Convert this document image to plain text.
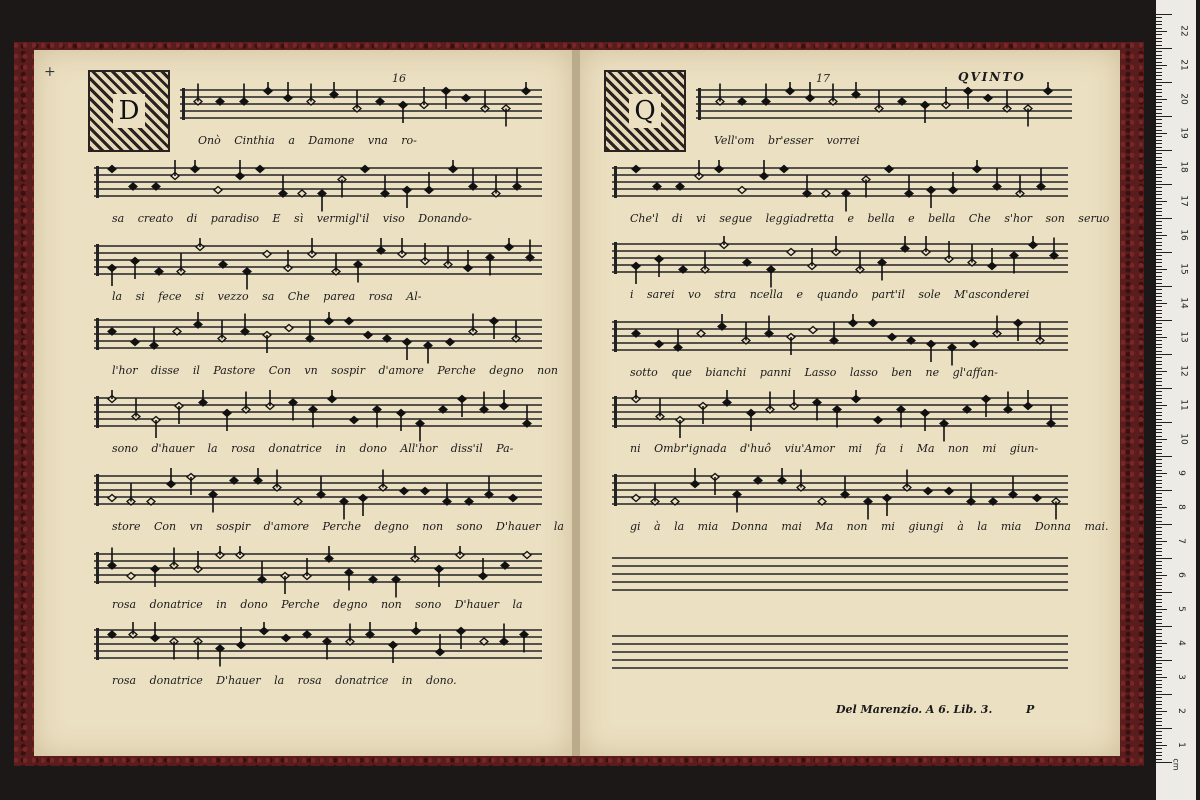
+	16
D
Onò Cinthia a Damone vna ro-
sa creato di paradiso E sì vermigl'il viso Donando-
la si fece si vezzo sa Che parea rosa Al-
l'hor disse il Pastore Con vn sospir d'amore Perche degno non
sono d'hauer la rosa donatrice in dono All'hor diss'il Pa-
store Con vn sospir d'amore Perche degno non sono D'hauer la
rosa donatrice in dono Perche degno non sono D'hauer la
rosa donatrice D'hauer la rosa donatrice in dono.
17	QVINTO
Q
Vell'om br'esser vorrei
Che'l di vi segue leggiadretta e bella e bella Che s'hor son seruo
i sarei vo stra ncella e quando part'il sole M'asconderei
sotto que bianchi panni Lasso lasso ben ne gl'affan-
ni Ombr'ignada d'huô viu'Amor mi fa i Ma non mi giun-
gi à la mia Donna mai Ma non mi giungi à la mia Donna mai.
Del Marenzio. A 6. Lib. 3.	P
22
21
20
19
18
17
16
15
14
13
12
11
10
9
8
7
6
5
4
3
2
1
cm
